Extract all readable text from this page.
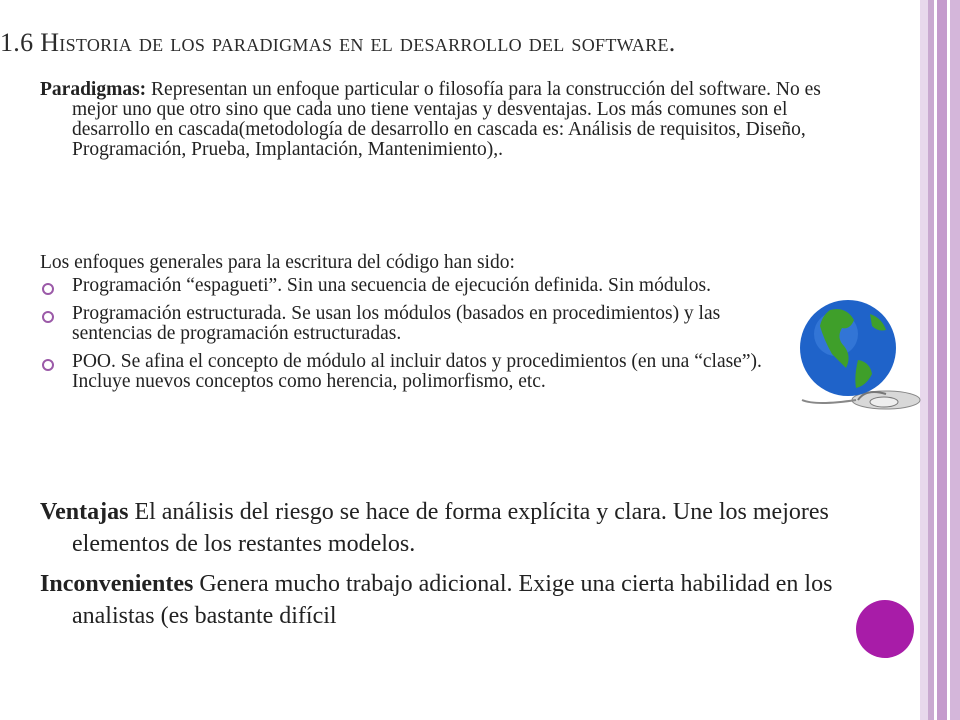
1.6 Historia de los paradigmas en el desarrollo del software.
Paradigmas: Representan un enfoque particular o filosofía para la construcción del software. No es mejor uno que otro sino que cada uno tiene ventajas y desventajas. Los más comunes son el desarrollo en cascada(metodología de desarrollo en cascada es: Análisis de requisitos, Diseño, Programación, Prueba, Implantación, Mantenimiento),.
Los enfoques generales para la escritura del código han sido:
Programación “espagueti”. Sin una secuencia de ejecución definida. Sin módulos.
Programación estructurada. Se usan los módulos (basados en procedimientos) y las sentencias de programación estructuradas.
POO. Se afina el concepto de módulo al incluir datos y procedimientos (en una “clase”). Incluye nuevos conceptos como herencia, polimorfismo, etc.
Ventajas El análisis del riesgo se hace de forma explícita y clara. Une los mejores elementos de los restantes modelos.
Inconvenientes Genera mucho trabajo adicional. Exige una cierta habilidad en los analistas (es bastante difícil
